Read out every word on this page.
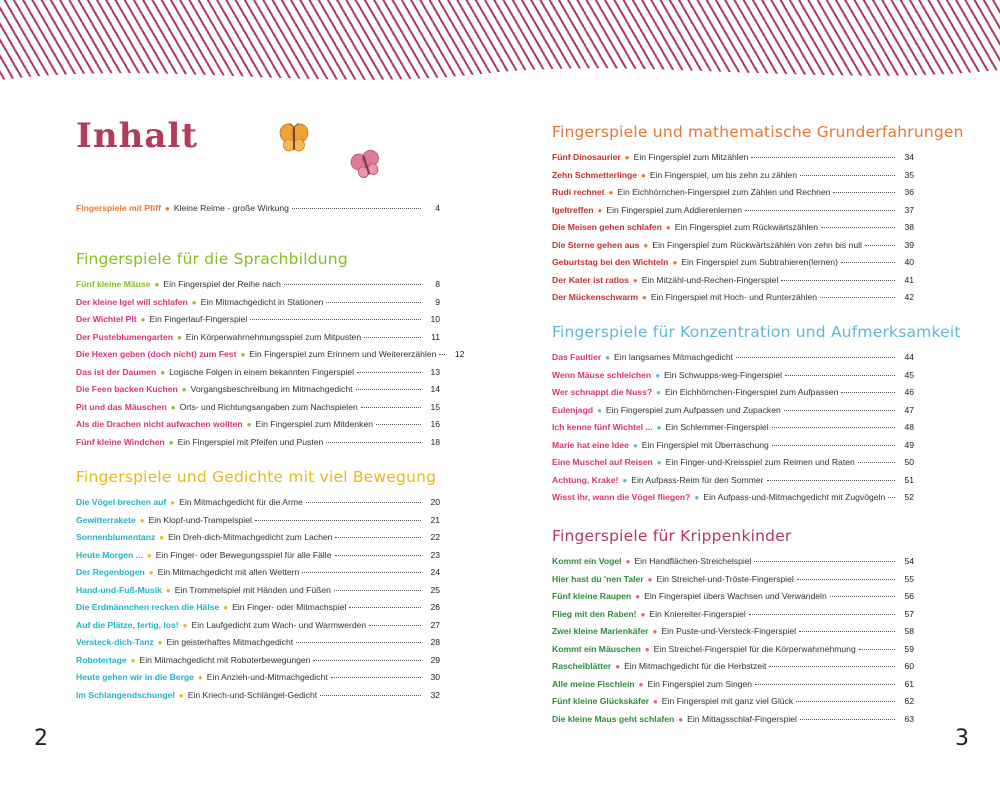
Inhalt
Fingerspiele mit Pfiff ● Kleine Reime - große Wirkung	4
Fingerspiele für die Sprachbildung
Fünf kleine Mäuse ● Ein Fingerspiel der Reihe nach	8
Der kleine Igel will schlafen ● Ein Mitmachgedicht in Stationen	9
Der Wichtel Pit ● Ein Fingerlauf-Fingerspiel	10
Der Pusteblumengarten ● Ein Körperwahrnehmungsspiel zum Mitpusten	11
Die Hexen geben (doch nicht) zum Fest ● Ein Fingerspiel zum Erinnern und Weitererzählen	12
Das ist der Daumen ● Logische Folgen in einem bekannten Fingerspiel	13
Die Feen backen Kuchen ● Vorgangsbeschreibung im Mitmachgedicht	14
Pit und das Mäuschen ● Orts- und Richtungsangaben zum Nachspielen	15
Als die Drachen nicht aufwachen wollten ● Ein Fingerspiel zum Mitdenken	16
Fünf kleine Windchen ● Ein Fingerspiel mit Pfeifen und Pusten	18
Fingerspiele und Gedichte mit viel Bewegung
Die Vögel brechen auf ● Ein Mitmachgedicht für die Arme	20
Gewitterrakete ● Ein Klopf-und-Trampelspiel	21
Sonnenblumentanz ● Ein Dreh-dich-Mitmachgedicht zum Lachen	22
Heute Morgen ... ● Ein Finger- oder Bewegungsspiel für alle Fälle	23
Der Regenbogen ● Ein Mitmachgedicht mit allen Wettern	24
Hand-und-Fuß-Musik ● Ein Trommelspiel mit Händen und Füßen	25
Die Erdmännchen recken die Hälse ● Ein Finger- oder Mitmachspiel	26
Auf die Plätze, fertig, los! ● Ein Laufgedicht zum Wach- und Warmwerden	27
Versteck-dich-Tanz ● Ein geisterhaftes Mitmachgedicht	28
Robotertage ● Ein Mitmachgedicht mit Roboterbewegungen	29
Heute gehen wir in die Berge ● Ein Anzieh-und-Mitmachgedicht	30
Im Schlangendschungel ● Ein Kriech-und-Schlängel-Gedicht	32
Fingerspiele und mathematische Grunderfahrungen
Fünf Dinosaurier ● Ein Fingerspiel zum Mitzählen	34
Zehn Schmetterlinge ● Ein Fingerspiel, um bis zehn zu zählen	35
Rudi rechnet ● Ein Eichhörnchen-Fingerspiel zum Zählen und Rechnen	36
Igeltreffen ● Ein Fingerspiel zum Addierenlernen	37
Die Meisen gehen schlafen ● Ein Fingerspiel zum Rückwärtszählen	38
Die Sterne gehen aus ● Ein Fingerspiel zum Rückwärtszählen von zehn bis null	39
Geburtstag bei den Wichteln ● Ein Fingerspiel zum Subtrahieren(lernen)	40
Der Kater ist ratlos ● Ein Mitzähl-und-Rechen-Fingerspiel	41
Der Mückenschwarm ● Ein Fingerspiel mit Hoch- und Runterzählen	42
Fingerspiele für Konzentration und Aufmerksamkeit
Das Faultier ● Ein langsames Mitmachgedicht	44
Wenn Mäuse schleichen ● Ein Schwupps-weg-Fingerspiel	45
Wer schnappt die Nuss? ● Ein Eichhörnchen-Fingerspiel zum Aufpassen	46
Eulenjagd ● Ein Fingerspiel zum Aufpassen und Zupacken	47
Ich kenne fünf Wichtel ... ● Ein Schlemmer-Fingerspiel	48
Marie hat eine Idee ● Ein Fingerspiel mit Überraschung	49
Eine Muschel auf Reisen ● Ein Finger-und-Kreisspiel zum Reimen und Raten	50
Achtung, Krake! ● Ein Aufpass-Reim für den Sommer	51
Wisst ihr, wann die Vögel fliegen? ● Ein Aufpass-und-Mitmachgedicht mit Zugvögeln	52
Fingerspiele für Krippenkinder
Kommt ein Vogel ● Ein Handflächen-Streichelspiel	54
Hier hast du 'nen Taler ● Ein Streichel-und-Tröste-Fingerspiel	55
Fünf kleine Raupen ● Ein Fingerspiel übers Wachsen und Verwandeln	56
Flieg mit den Raben! ● Ein Kniereiter-Fingerspiel	57
Zwei kleine Marienkäfer ● Ein Puste-und-Versteck-Fingerspiel	58
Kommt ein Mäuschen ● Ein Streichel-Fingerspiel für die Körperwahrnehmung	59
Raschelblätter ● Ein Mitmachgedicht für die Herbstzeit	60
Alle meine Fischlein ● Ein Fingerspiel zum Singen	61
Fünf kleine Glückskäfer ● Ein Fingerspiel mit ganz viel Glück	62
Die kleine Maus geht schlafen ● Ein Mittagsschlaf-Fingerspiel	63
2	3
